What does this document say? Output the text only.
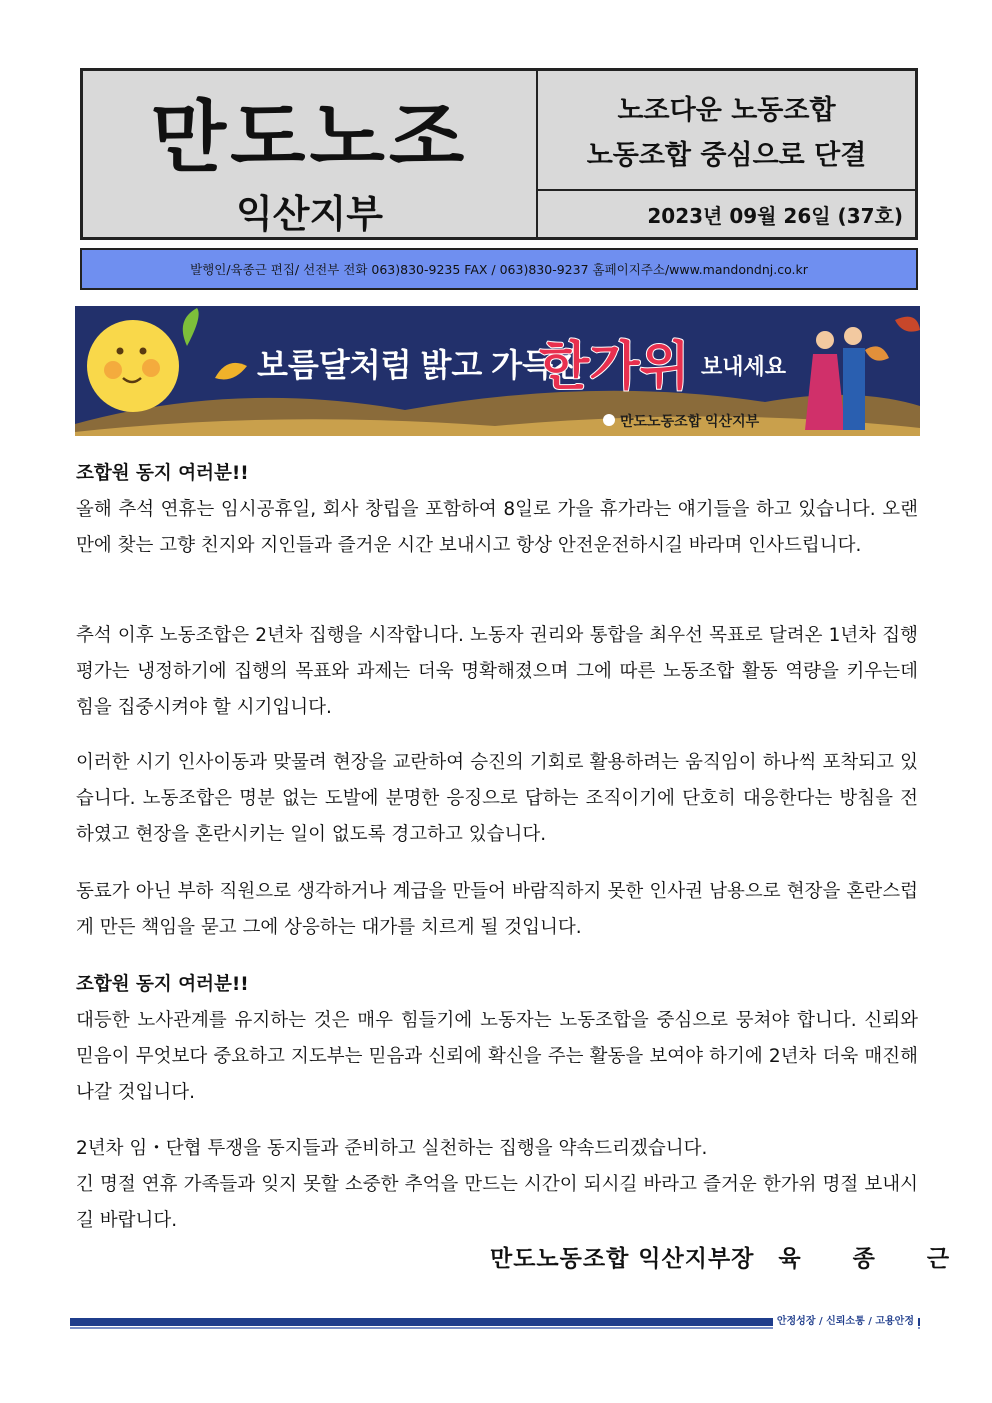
만도노조
익산지부
노조다운 노동조합
노동조합 중심으로 단결
2023년 09월 26일 (37호)
발행인/육종근 편집/ 선전부 전화 063)830-9235 FAX / 063)830-9237 홈페이지주소/www.mandondnj.co.kr
보름달처럼 밝고 가득찬
한가위 보내세요
만도노동조합 익산지부

조합원 동지 여러분!!

올해 추석 연휴는 임시공휴일, 회사 창립을 포함하여 8일로 가을 휴가라는 얘기들을 하고 있습니다. 오랜만에 찾는 고향 친지와 지인들과 즐거운 시간 보내시고 항상 안전운전하시길 바라며 인사드립니다.

추석 이후 노동조합은 2년차 집행을 시작합니다. 노동자 권리와 통합을 최우선 목표로 달려온 1년차 집행 평가는 냉정하기에 집행의 목표와 과제는 더욱 명확해졌으며 그에 따른 노동조합 활동 역량을 키우는데 힘을 집중시켜야 할 시기입니다.
이러한 시기 인사이동과 맞물려 현장을 교란하여 승진의 기회로 활용하려는 움직임이 하나씩 포착되고 있습니다. 노동조합은 명분 없는 도발에 분명한 응징으로 답하는 조직이기에 단호히 대응한다는 방침을 전하였고 현장을 혼란시키는 일이 없도록 경고하고 있습니다.
동료가 아닌 부하 직원으로 생각하거나 계급을 만들어 바람직하지 못한 인사권 남용으로 현장을 혼란스럽게 만든 책임을 묻고 그에 상응하는 대가를 치르게 될 것입니다.

조합원 동지 여러분!!

대등한 노사관계를 유지하는 것은 매우 힘들기에 노동자는 노동조합을 중심으로 뭉쳐야 합니다. 신뢰와 믿음이 무엇보다 중요하고 지도부는 믿음과 신뢰에 확신을 주는 활동을 보여야 하기에 2년차 더욱 매진해 나갈 것입니다.

2년차 임・단협 투쟁을 동지들과 준비하고 실천하는 집행을 약속드리겠습니다.

긴 명절 연휴 가족들과 잊지 못할 소중한 추억을 만드는 시간이 되시길 바라고 즐거운 한가위 명절 보내시길 바랍니다.

만도노동조합 익산지부장 육 종 근
안정성장 / 신뢰소통 / 고용안정
